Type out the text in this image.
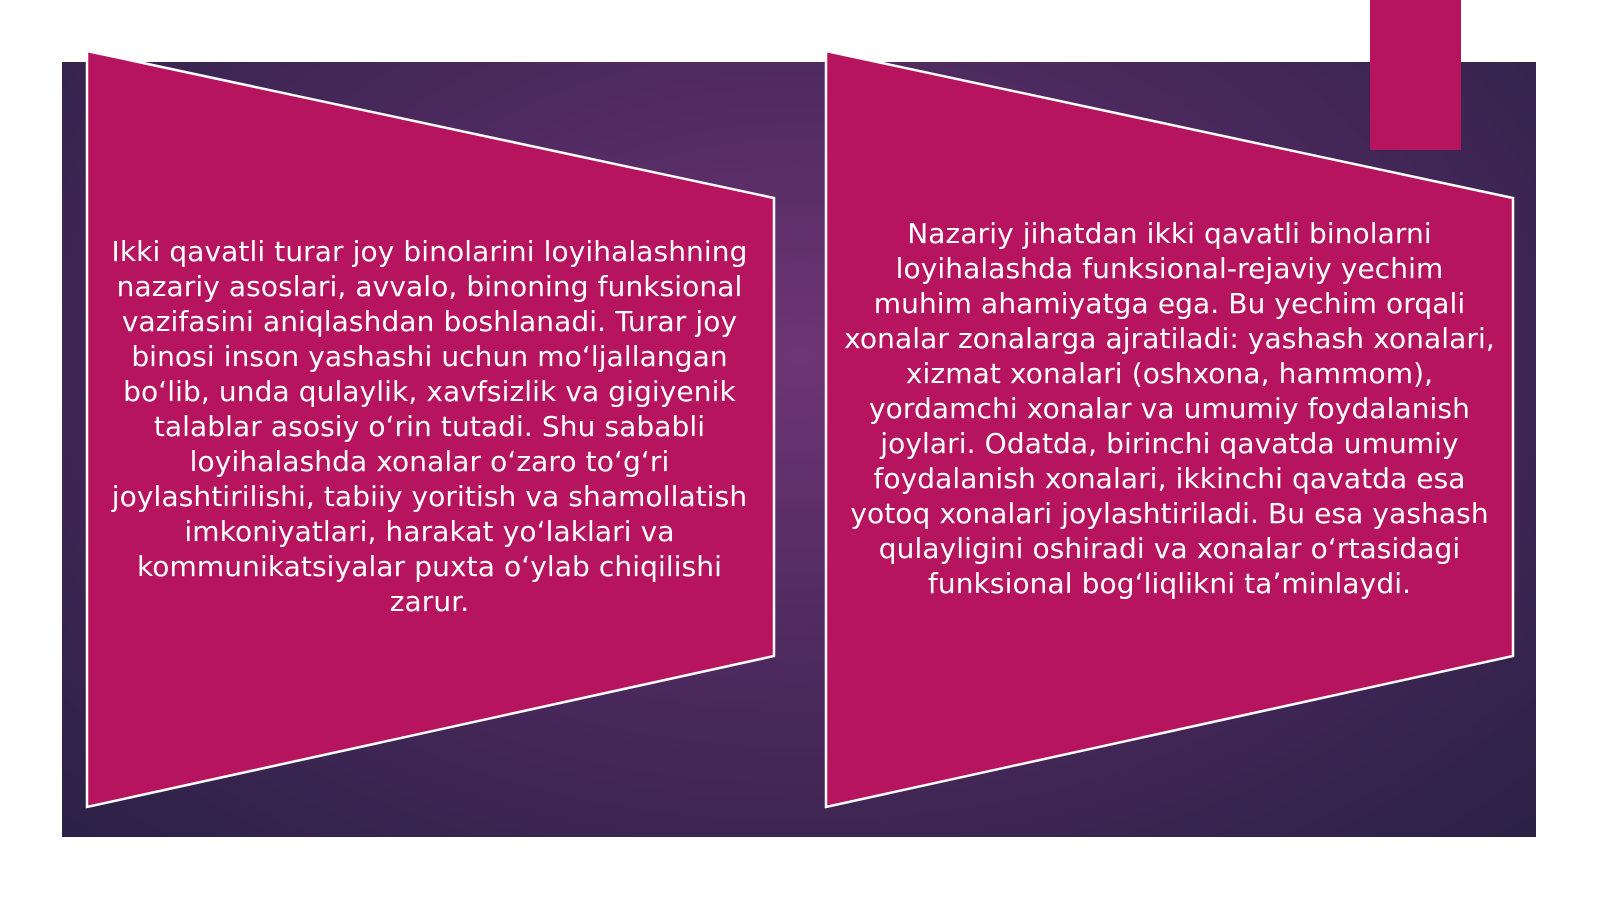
Ikki qavatli turar joy binolarini loyihalashning nazariy asoslari, avvalo, binoning funksional vazifasini aniqlashdan boshlanadi. Turar joy binosi inson yashashi uchun moʻljallangan boʻlib, unda qulaylik, xavfsizlik va gigiyenik talablar asosiy oʻrin tutadi. Shu sababli loyihalashda xonalar oʻzaro toʻgʻri joylashtirilishi, tabiiy yoritish va shamollatish imkoniyatlari, harakat yoʻlaklari va kommunikatsiyalar puxta oʻylab chiqilishi zarur.

Nazariy jihatdan ikki qavatli binolarni loyihalashda funksional-rejaviy yechim muhim ahamiyatga ega. Bu yechim orqali xonalar zonalarga ajratiladi: yashash xonalari, xizmat xonalari (oshxona, hammom), yordamchi xonalar va umumiy foydalanish joylari. Odatda, birinchi qavatda umumiy foydalanish xonalari, ikkinchi qavatda esa yotoq xonalari joylashtiriladi. Bu esa yashash qulayligini oshiradi va xonalar oʻrtasidagi funksional bogʻliqlikni taʼminlaydi.
